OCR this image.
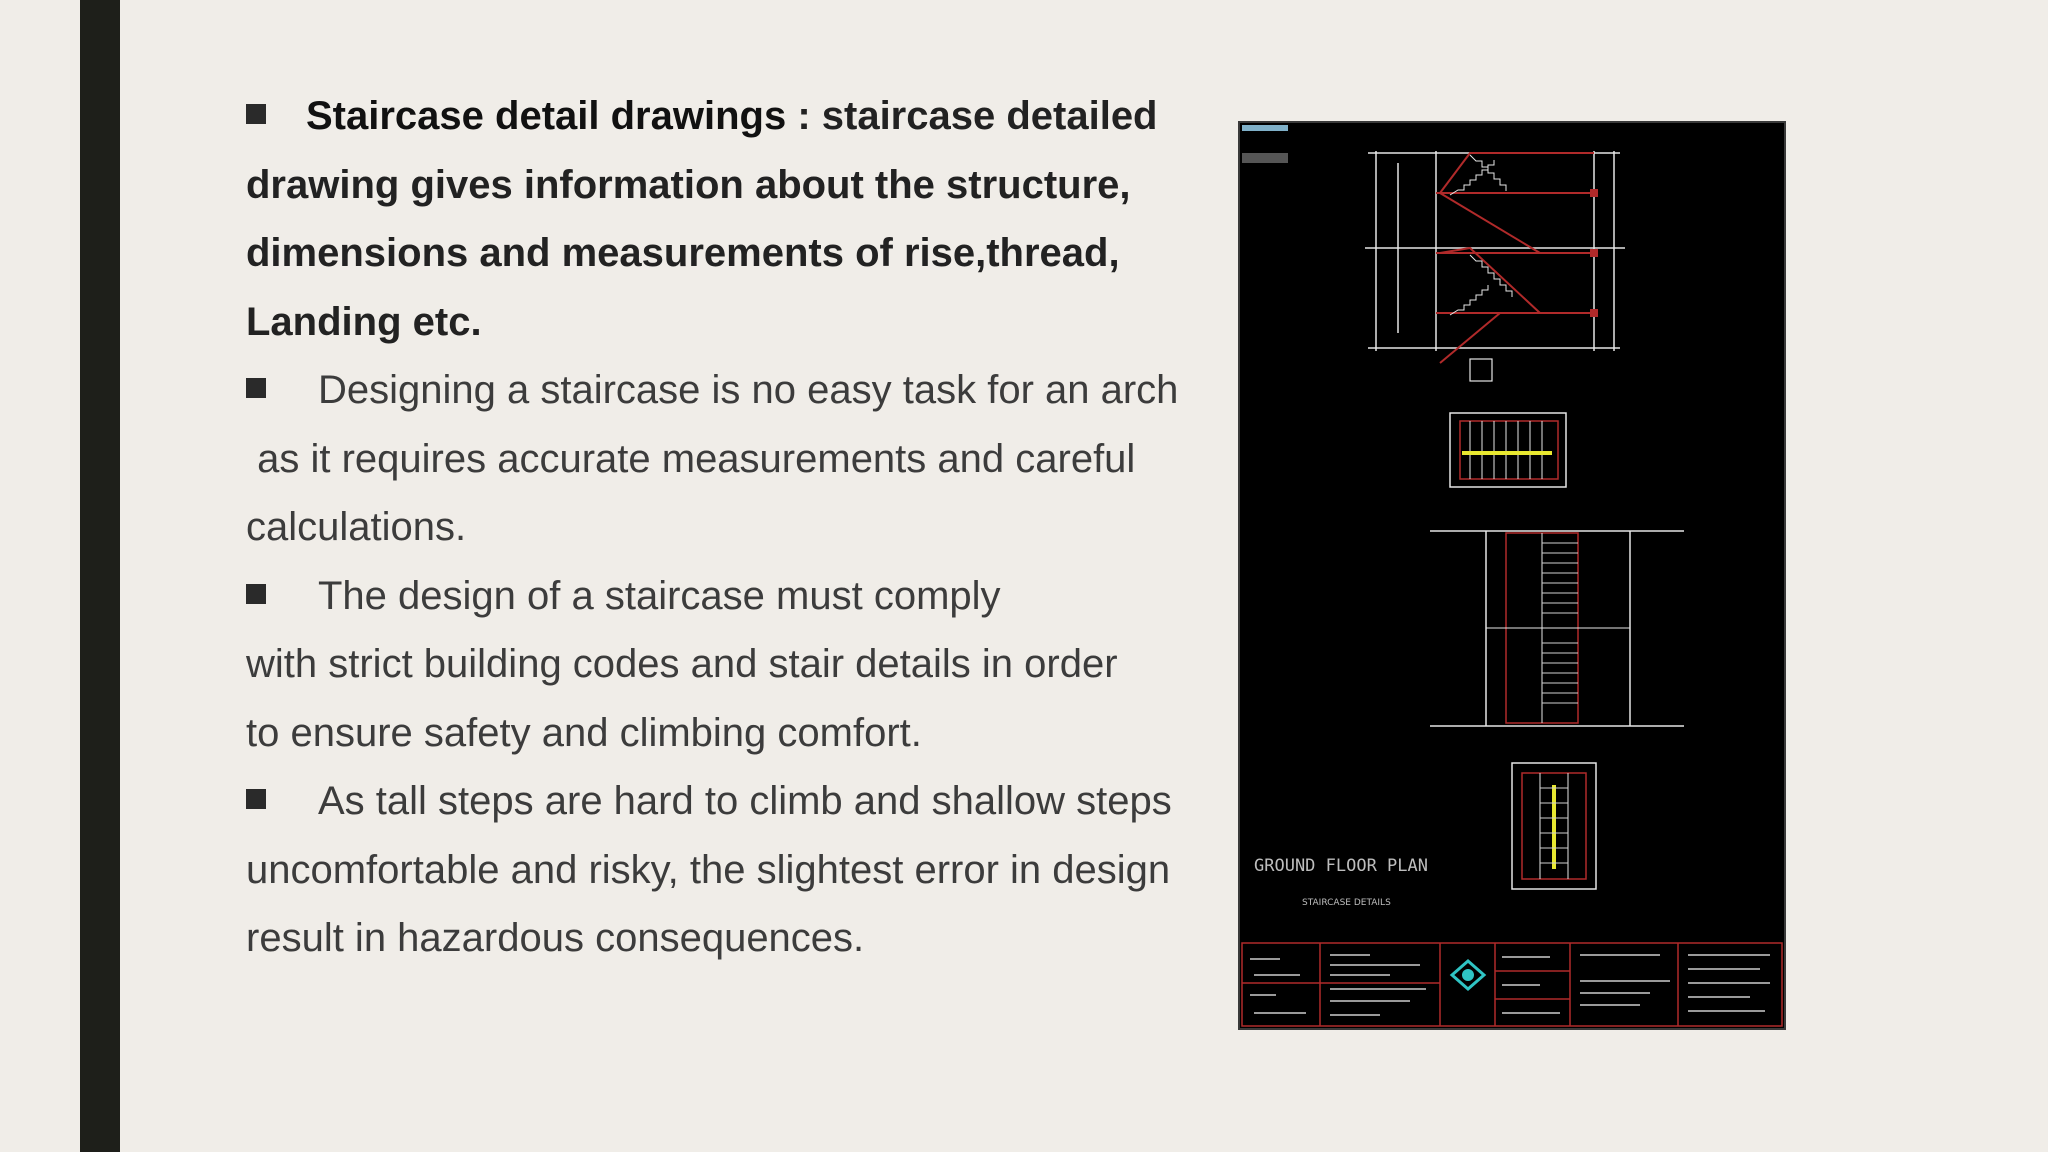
Staircase detail drawings : staircase detailed
drawing gives information about the structure,
dimensions and measurements of rise,thread,
Landing etc.
Designing a staircase is no easy task for an arch
as it requires accurate measurements and careful
calculations.
The design of a staircase must comply
with strict building codes and stair details in order
to ensure safety and climbing comfort.
As tall steps are hard to climb and shallow steps
uncomfortable and risky, the slightest error in design
result in hazardous consequences.
GROUND FLOOR PLAN
STAIRCASE DETAILS
